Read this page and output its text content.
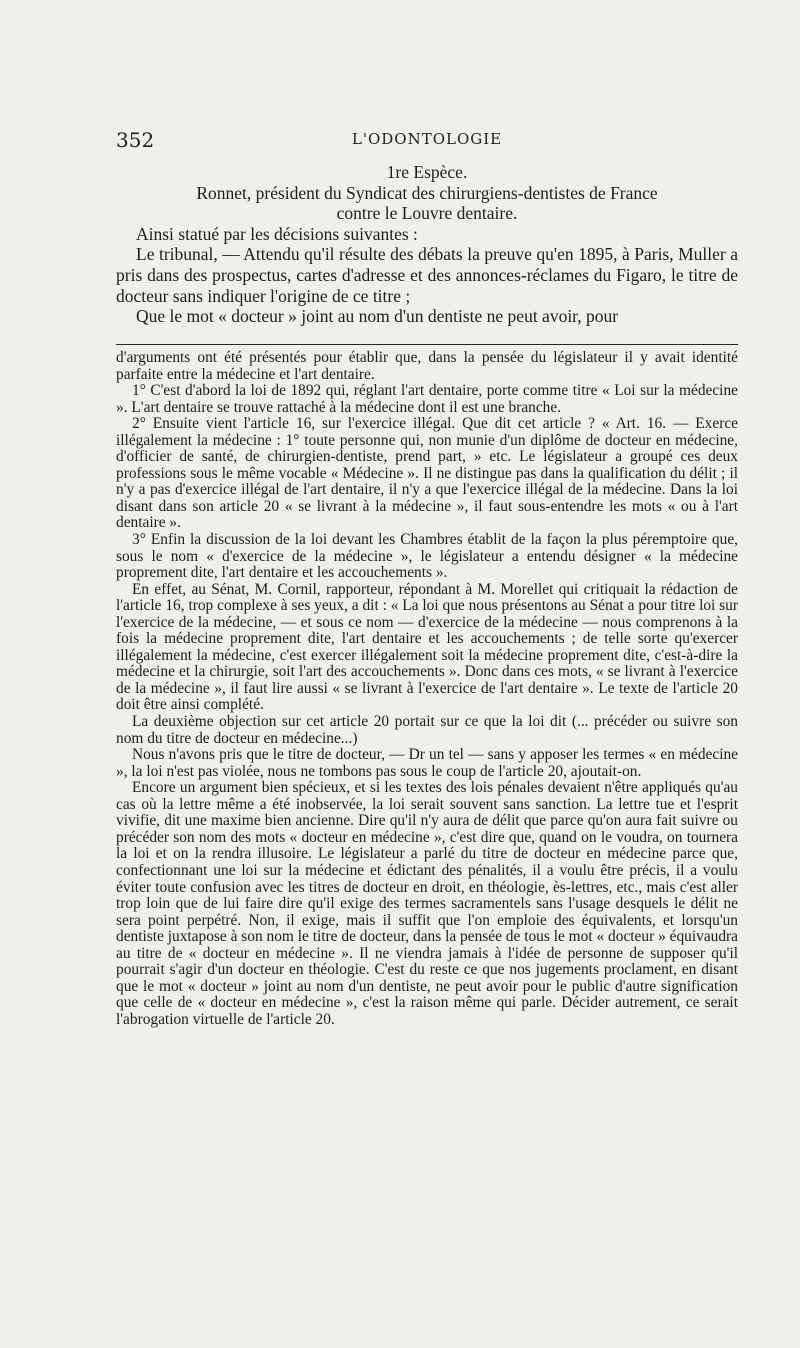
352	L'ODONTOLOGIE

1re Espèce.

Ronnet, président du Syndicat des chirurgiens-dentistes de France

contre le Louvre dentaire.

Ainsi statué par les décisions suivantes :

Le tribunal, — Attendu qu'il résulte des débats la preuve qu'en 1895, à Paris, Muller a pris dans des prospectus, cartes d'adresse et des annonces-réclames du Figaro, le titre de docteur sans indiquer l'origine de ce titre ;

Que le mot « docteur » joint au nom d'un dentiste ne peut avoir, pour

d'arguments ont été présentés pour établir que, dans la pensée du législateur il y avait identité parfaite entre la médecine et l'art dentaire.

1° C'est d'abord la loi de 1892 qui, réglant l'art dentaire, porte comme titre « Loi sur la médecine ». L'art dentaire se trouve rattaché à la médecine dont il est une branche.

2° Ensuite vient l'article 16, sur l'exercice illégal. Que dit cet article ? « Art. 16. — Exerce illégalement la médecine : 1° toute personne qui, non munie d'un diplôme de docteur en médecine, d'officier de santé, de chirurgien-dentiste, prend part, » etc. Le législateur a groupé ces deux professions sous le même vocable « Médecine ». Il ne distingue pas dans la qualification du délit ; il n'y a pas d'exercice illégal de l'art dentaire, il n'y a que l'exercice illégal de la médecine. Dans la loi disant dans son article 20 « se livrant à la médecine », il faut sous-entendre les mots « ou à l'art dentaire ».

3° Enfin la discussion de la loi devant les Chambres établit de la façon la plus péremptoire que, sous le nom « d'exercice de la médecine », le législateur a entendu désigner « la médecine proprement dite, l'art dentaire et les accouchements ».

En effet, au Sénat, M. Cornil, rapporteur, répondant à M. Morellet qui critiquait la rédaction de l'article 16, trop complexe à ses yeux, a dit : « La loi que nous présentons au Sénat a pour titre loi sur l'exercice de la médecine, — et sous ce nom — d'exercice de la médecine — nous comprenons à la fois la médecine proprement dite, l'art dentaire et les accouchements ; de telle sorte qu'exercer illégalement la médecine, c'est exercer illégalement soit la médecine proprement dite, c'est-à-dire la médecine et la chirurgie, soit l'art des accouchements ». Donc dans ces mots, « se livrant à l'exercice de la médecine », il faut lire aussi « se livrant à l'exercice de l'art dentaire ». Le texte de l'article 20 doit être ainsi complété.

La deuxième objection sur cet article 20 portait sur ce que la loi dit (... précéder ou suivre son nom du titre de docteur en médecine...)

Nous n'avons pris que le titre de docteur, — Dr un tel — sans y apposer les termes « en médecine », la loi n'est pas violée, nous ne tombons pas sous le coup de l'article 20, ajoutait-on.

Encore un argument bien spécieux, et si les textes des lois pénales devaient n'être appliqués qu'au cas où la lettre même a été inobservée, la loi serait souvent sans sanction. La lettre tue et l'esprit vivifie, dit une maxime bien ancienne. Dire qu'il n'y aura de délit que parce qu'on aura fait suivre ou précéder son nom des mots « docteur en médecine », c'est dire que, quand on le voudra, on tournera la loi et on la rendra illusoire. Le législateur a parlé du titre de docteur en médecine parce que, confectionnant une loi sur la médecine et édictant des pénalités, il a voulu être précis, il a voulu éviter toute confusion avec les titres de docteur en droit, en théologie, ès-lettres, etc., mais c'est aller trop loin que de lui faire dire qu'il exige des termes sacramentels sans l'usage desquels le délit ne sera point perpétré. Non, il exige, mais il suffit que l'on emploie des équivalents, et lorsqu'un dentiste juxtapose à son nom le titre de docteur, dans la pensée de tous le mot « docteur » équivaudra au titre de « docteur en médecine ». Il ne viendra jamais à l'idée de personne de supposer qu'il pourrait s'agir d'un docteur en théologie. C'est du reste ce que nos jugements proclament, en disant que le mot « docteur » joint au nom d'un dentiste, ne peut avoir pour le public d'autre signification que celle de « docteur en médecine », c'est la raison même qui parle. Décider autrement, ce serait l'abrogation virtuelle de l'article 20.
